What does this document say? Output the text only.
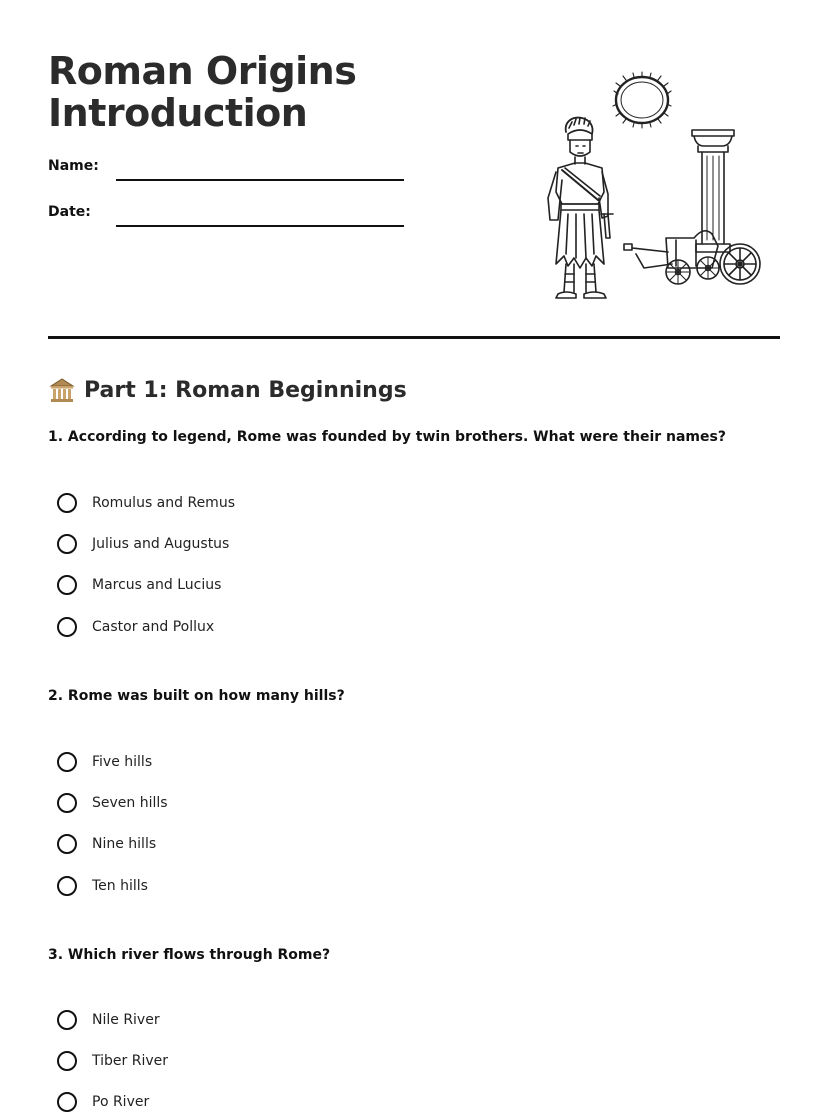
Roman Origins
Introduction
Name:
Date:
Part 1: Roman Beginnings
1. According to legend, Rome was founded by twin brothers. What were their names?
Romulus and Remus
Julius and Augustus
Marcus and Lucius
Castor and Pollux
2. Rome was built on how many hills?
Five hills
Seven hills
Nine hills
Ten hills
3. Which river flows through Rome?
Nile River
Tiber River
Po River
